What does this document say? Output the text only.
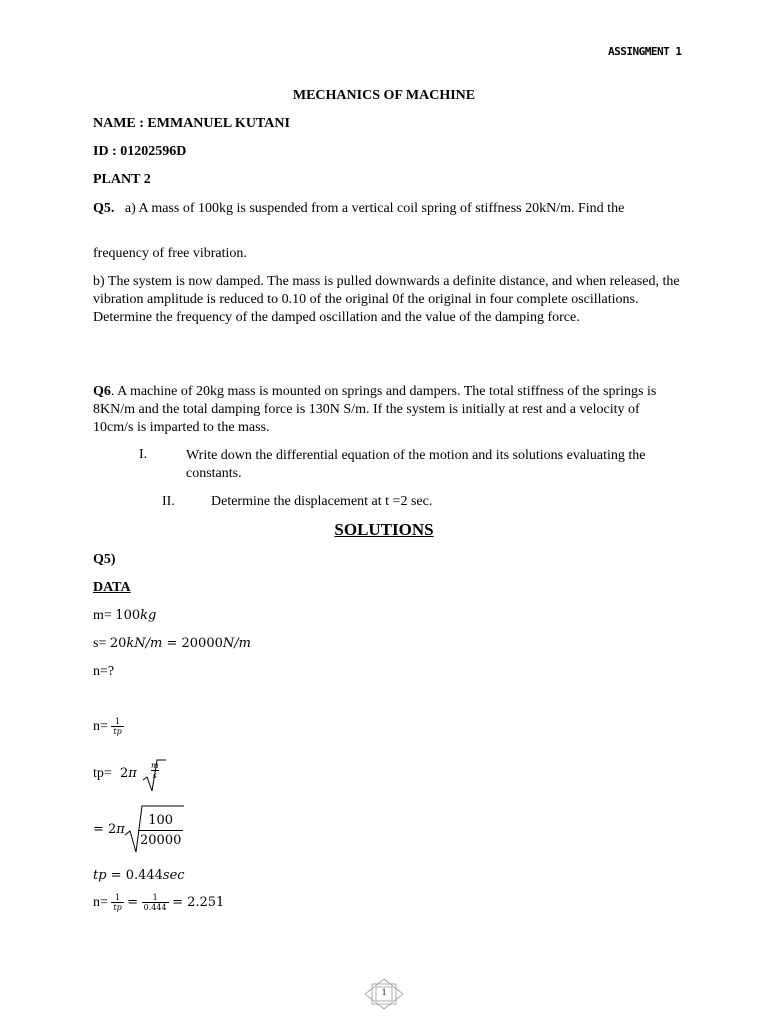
ASSINGMENT 1
MECHANICS OF MACHINE
NAME : EMMANUEL KUTANI
ID : 01202596D
PLANT 2
Q5. a) A mass of 100kg is suspended from a vertical coil spring of stiffness 20kN/m. Find the
frequency of free vibration.
b) The system is now damped. The mass is pulled downwards a definite distance, and when released, the vibration amplitude is reduced to 0.10 of the original 0f the original in four complete oscillations. Determine the frequency of the damped oscillation and the value of the damping force.
Q6. A machine of 20kg mass is mounted on springs and dampers. The total stiffness of the springs is 8KN/m and the total damping force is 130N S/m. If the system is initially at rest and a velocity of 10cm/s is imparted to the mass.
I.	Write down the differential equation of the motion and its solutions evaluating the constants.
II.	Determine the displacement at t =2 sec.
SOLUTIONS
Q5)
DATA
m= 100kg
s= 20kN/m = 20000N/m
n=?
$n= \frac{1}{tp}$
$tp= 2\pi \frac{m}{s}$
= $2\pi \frac{100}{20000}$
tp = 0.444sec
$n= \frac{1}{tp} = \frac{1}{0.444} = 2.251$
1
